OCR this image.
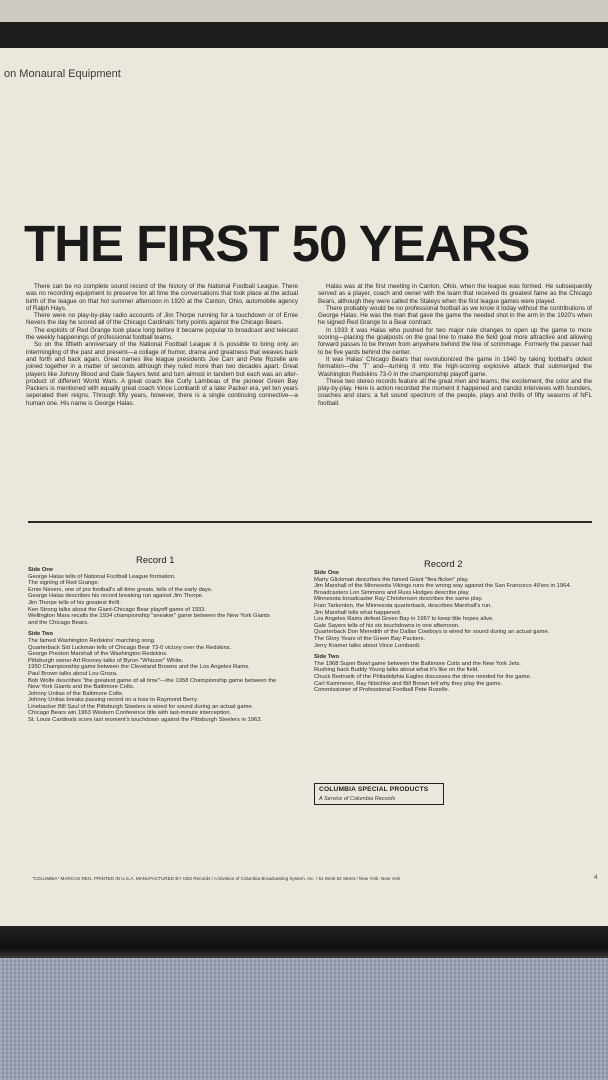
on Monaural Equipment
THE FIRST 50 YEARS

There can be no complete sound record of the history of the National Football League. There was no recording equipment to preserve for all time the conversations that took place at the actual birth of the league on that hot summer afternoon in 1920 at the Canton, Ohio, automobile agency of Ralph Hays.

There were no play-by-play radio accounts of Jim Thorpe running for a touchdown or of Ernie Nevers the day he scored all of the Chicago Cardinals' forty points against the Chicago Bears.

The exploits of Red Grange took place long before it became popular to broadcast and telecast the weekly happenings of professional football teams.

So on the fiftieth anniversary of the National Football League it is possible to bring only an intermingling of the past and present—a collage of humor, drama and greatness that weaves back and forth and back again. Great names like league presidents Joe Carr and Pete Rozelle are joined together in a matter of seconds although they ruled more than two decades apart. Great players like Johnny Blood and Gale Sayers twist and turn almost in tandem but each was an alter-product of different World Wars. A great coach like Curly Lambeau of the pioneer Green Bay Packers is mentioned with equally great coach Vince Lombardi of a later Packer era, yet ten years seperated their reigns. Through fifty years, however, there is a single continuing connective—a human one. His name is George Halas.

Halas was at the first meeting in Canton, Ohio, when the league was formed. He subsequently served as a player, coach and owner with the team that received its greatest fame as the Chicago Bears, although they were called the Staleys when the first league games were played.

There probably would be no professional football as we know it today without the contributions of George Halas. He was the man that gave the game the needed shot in the arm in the 1920's when he signed Red Grange to a Bear contract.

In 1933 it was Halas who pushed for two major rule changes to open up the game to more scoring—placing the goalposts on the goal line to make the field goal more attractive and allowing forward passes to be thrown from anywhere behind the line of scrimmage. Formerly the passer had to be five yards behind the center.

It was Halas' Chicago Bears that revolutionized the game in 1940 by taking football's oldest formation—the 'T' and—turning it into the high-scoring explosive attack that submerged the Washington Redskins 73-0 in the championship playoff game.

These two stereo records feature all the great men and teams; the excitement, the color and the play-by-play. Here is action recorded the moment it happened and candid interviews with founders, coaches and stars; a full sound spectrum of the people, plays and thrills of fifty seasons of NFL football.

Record 1	Record 2
Side One
George Halas tells of National Football League formation.
The signing of Red Grange.
Ernie Nevers, one of pro football's all-time greats, tells of the early days.
George Halas describes his record breaking run against Jim Thorpe.
Jim Thorpe tells of his greatest thrill.
Ken Strong talks about the Giant-Chicago Bear playoff game of 1933.
Wellington Mara recalls the 1934 championship "sneaker" game between the New York Giants and the Chicago Bears.
Side Two
The famed Washington Redskins' marching song.
Quarterback Sid Luckman tells of Chicago Bear 73-0 victory over the Redskins.
George Preston Marshall of the Washington Redskins.
Pittsburgh owner Art Rooney talks of Byron "Whizzer" White.
1950 Championship game between the Cleveland Browns and the Los Angeles Rams.
Paul Brown talks about Lou Groza.
Bob Wolfe describes "the greatest game of all time"—the 1958 Championship game between the New York Giants and the Baltimore Colts.
Johnny Unitas of the Baltimore Colts.
Johnny Unitas breaks passing record on a toss to Raymond Berry.
Linebacker Bill Saul of the Pittsburgh Steelers is wired for sound during an actual game.
Chicago Bears win 1963 Western Conference title with last-minute interception.
St. Louis Cardinals score last moment's touchdown against the Pittsburgh Steelers in 1963.
Side One
Marty Glickman describes the famed Giant "flea flicker" play.
Jim Marshall of the Minnesota Vikings runs the wrong way against the San Francisco 49'ers in 1964. Broadcasters Lon Simmons and Russ Hodges describe play.
Minnesota broadcaster Ray Christensen describes the same play.
Fran Tarkenton, the Minnesota quarterback, describes Marshall's run.
Jim Marshall tells what happened.
Los Angeles Rams defeat Green Bay in 1967 to keep title hopes alive.
Gale Sayers tells of his six touchdowns in one afternoon.
Quarterback Don Meredith of the Dallas Cowboys is wired for sound during an actual game.
The Glory Years of the Green Bay Packers.
Jerry Kramer talks about Vince Lombardi.
Side Two
The 1968 Super Bowl game between the Baltimore Colts and the New York Jets.
Rushing back Buddy Young talks about what it's like on the field.
Chuck Bednarik of the Philadelphia Eagles discusses the drive needed for the game.
Carl Kammerer, Ray Nitschke and Bill Brown tell why they play the game.
Commissioner of Professional Football Pete Rozelle.
COLUMBIA SPECIAL PRODUCTS
A Service of Columbia Records
"COLUMBIA" MARCAS REG. PRINTED IN U.S.A. MANUFACTURED BY CBS Records / A Division of Columbia Broadcasting System, Inc. / 51 West 52 Street / New York, New York	4
